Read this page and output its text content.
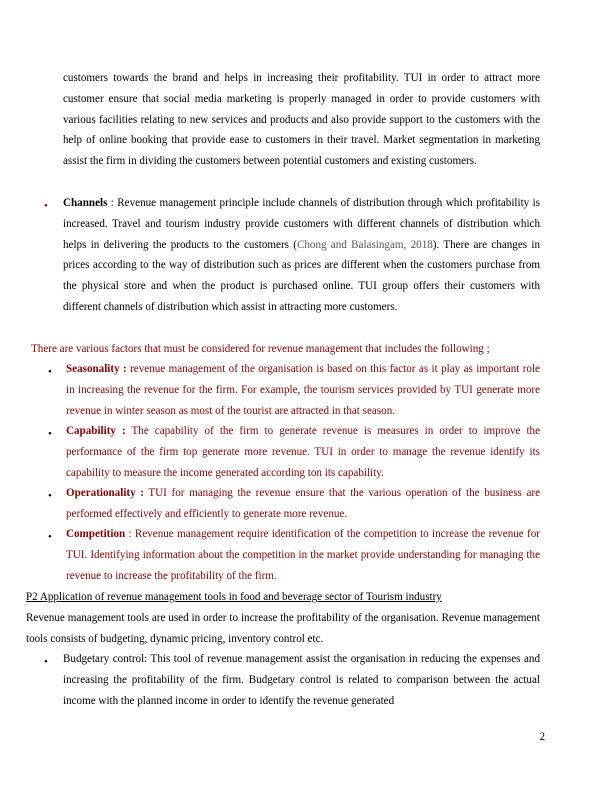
customers towards the brand and helps in increasing their profitability. TUI in order to attract more customer ensure that social media marketing is properly managed in order to provide customers with various facilities relating to new services and products and also provide support to the customers with the help of online booking that provide ease to customers in their travel. Market segmentation in marketing assist the firm in dividing the customers between potential customers and existing customers.
• Channels : Revenue management principle include channels of distribution through which profitability is increased. Travel and tourism industry provide customers with different channels of distribution which helps in delivering the products to the customers (Chong and Balasingam, 2018). There are changes in prices according to the way of distribution such as prices are different when the customers purchase from the physical store and when the product is purchased online. TUI group offers their customers with different channels of distribution which assist in attracting more customers.
There are various factors that must be considered for revenue management that includes the following ;
• Seasonality : revenue management of the organisation is based on this factor as it play as important role in increasing the revenue for the firm. For example, the tourism services provided by TUI generate more revenue in winter season as most of the tourist are attracted in that season.
• Capability : The capability of the firm to generate revenue is measures in order to improve the performance of the firm top generate more revenue. TUI in order to manage the revenue identify its capability to measure the income generated according ton its capability.
• Operationality : TUI for managing the revenue ensure that the various operation of the business are performed effectively and efficiently to generate more revenue.
• Competition : Revenue management require identification of the competition to increase the revenue for TUI. Identifying information about the competition in the market provide understanding for managing the revenue to increase the profitability of the firm.
P2 Application of revenue management tools in food and beverage sector of Tourism industry
Revenue management tools are used in order to increase the profitability of the organisation. Revenue management tools consists of budgeting, dynamic pricing, inventory control etc.
• Budgetary control: This tool of revenue management assist the organisation in reducing the expenses and increasing the profitability of the firm. Budgetary control is related to comparison between the actual income with the planned income in order to identify the revenue generated
2
